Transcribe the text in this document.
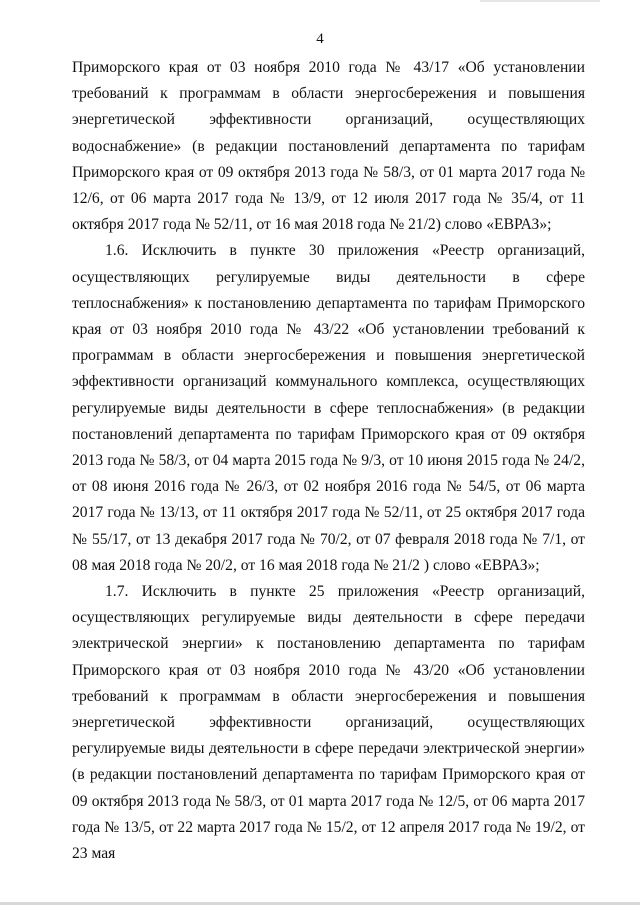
4

Приморского края от 03 ноября 2010 года № 43/17 «Об установлении требований к программам в области энергосбережения и повышения энергетической эффективности организаций, осуществляющих водоснабжение» (в редакции постановлений департамента по тарифам Приморского края от 09 октября 2013 года № 58/3, от 01 марта 2017 года № 12/6, от 06 марта 2017 года № 13/9, от 12 июля 2017 года № 35/4, от 11 октября 2017 года № 52/11, от 16 мая 2018 года № 21/2) слово «ЕВРАЗ»;

1.6. Исключить в пункте 30 приложения «Реестр организаций, осуществляющих регулируемые виды деятельности в сфере теплоснабжения» к постановлению департамента по тарифам Приморского края от 03 ноября 2010 года № 43/22 «Об установлении требований к программам в области энергосбережения и повышения энергетической эффективности организаций коммунального комплекса, осуществляющих регулируемые виды деятельности в сфере теплоснабжения» (в редакции постановлений департамента по тарифам Приморского края от 09 октября 2013 года № 58/3, от 04 марта 2015 года № 9/3, от 10 июня 2015 года № 24/2, от 08 июня 2016 года № 26/3, от 02 ноября 2016 года № 54/5, от 06 марта 2017 года № 13/13, от 11 октября 2017 года № 52/11, от 25 октября 2017 года № 55/17, от 13 декабря 2017 года № 70/2, от 07 февраля 2018 года № 7/1, от 08 мая 2018 года № 20/2, от 16 мая 2018 года № 21/2 ) слово «ЕВРАЗ»;

1.7. Исключить в пункте 25 приложения «Реестр организаций, осуществляющих регулируемые виды деятельности в сфере передачи электрической энергии» к постановлению департамента по тарифам Приморского края от 03 ноября 2010 года № 43/20 «Об установлении требований к программам в области энергосбережения и повышения энергетической эффективности организаций, осуществляющих регулируемые виды деятельности в сфере передачи электрической энергии» (в редакции постановлений департамента по тарифам Приморского края от 09 октября 2013 года № 58/3, от 01 марта 2017 года № 12/5, от 06 марта 2017 года № 13/5, от 22 марта 2017 года № 15/2, от 12 апреля 2017 года № 19/2, от 23 мая
